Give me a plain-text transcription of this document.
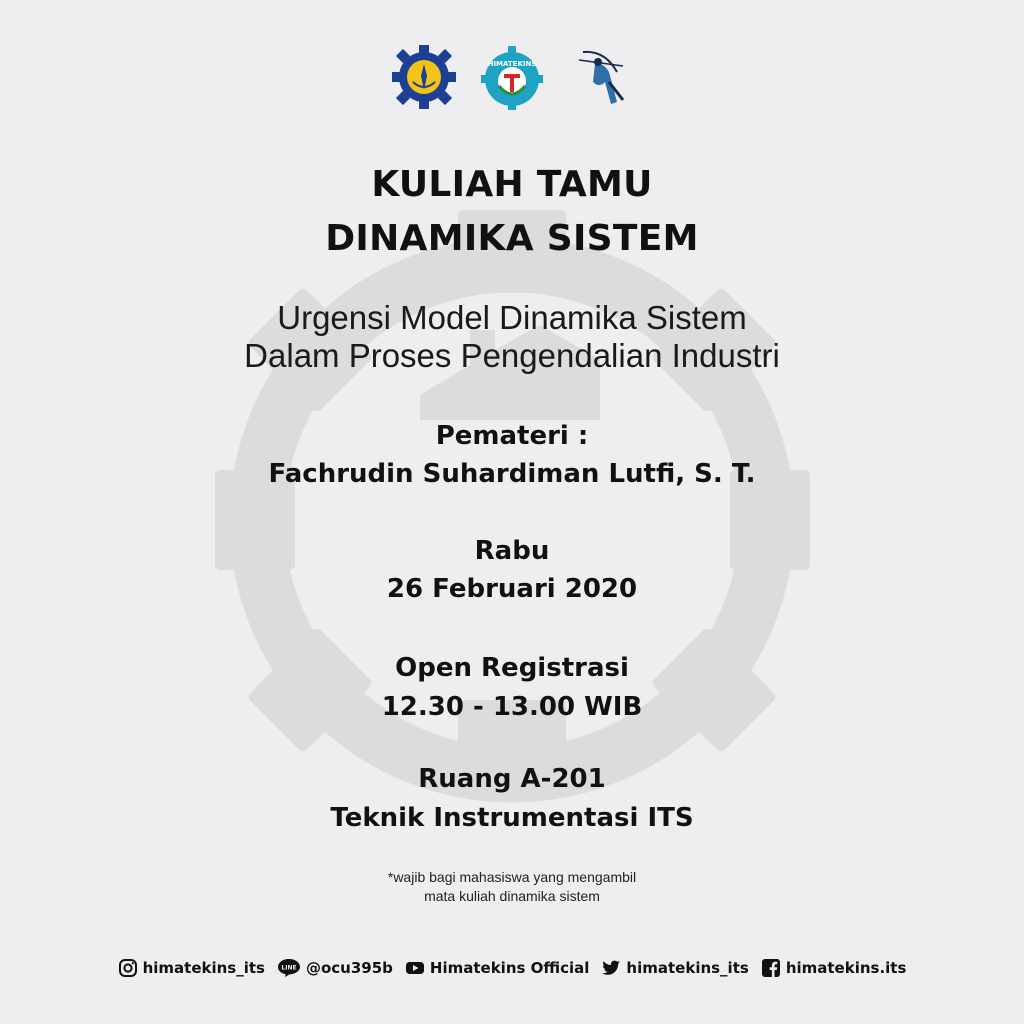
HIMATEKINS
KULIAH TAMU
DINAMIKA SISTEM
Urgensi Model Dinamika Sistem
Dalam Proses Pengendalian Industri
Pemateri :
Fachrudin Suhardiman Lutfi, S. T.
Rabu
26 Februari 2020
Open Registrasi
12.30 - 13.00 WIB
Ruang A-201
Teknik Instrumentasi ITS
*wajib bagi mahasiswa yang mengambil
mata kuliah dinamika sistem
himatekins_its	LINE @ocu395b Himatekins Official himatekins_its himatekins.its
